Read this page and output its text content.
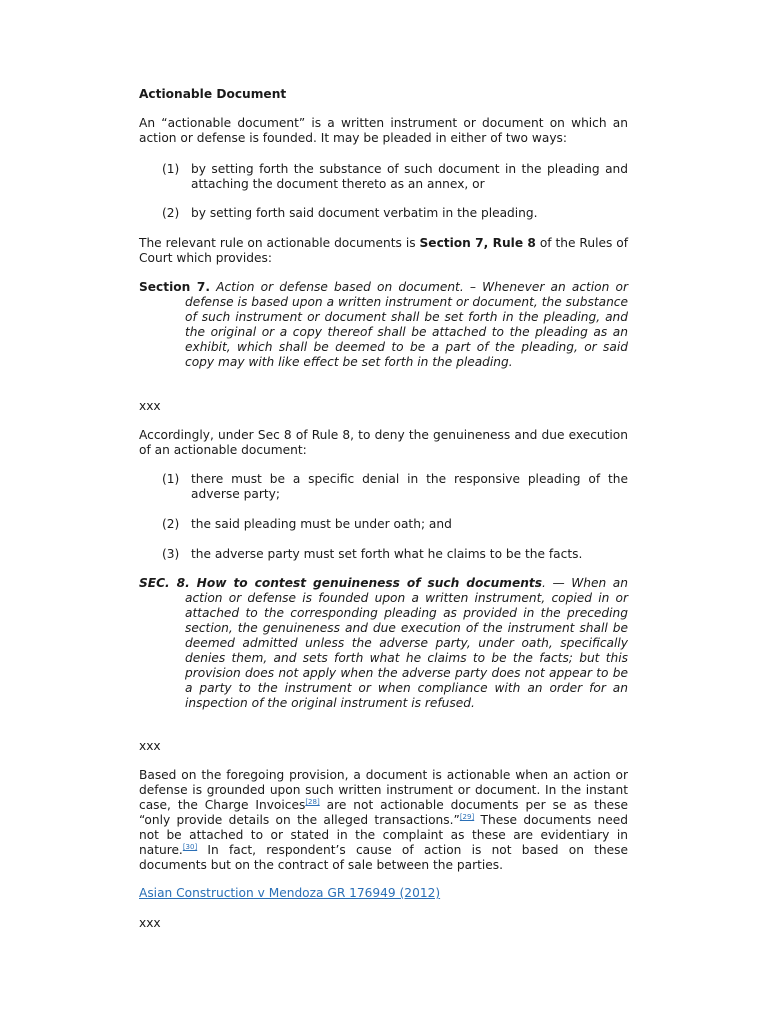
Actionable Document

An “actionable document” is a written instrument or document on which an action or defense is founded. It may be pleaded in either of two ways:

(1) by setting forth the substance of such document in the pleading and attaching the document thereto as an annex, or
(2) by setting forth said document verbatim in the pleading.

The relevant rule on actionable documents is Section 7, Rule 8 of the Rules of Court which provides:

Section 7. Action or defense based on document. – Whenever an action or defense is based upon a written instrument or document, the substance of such instrument or document shall be set forth in the pleading, and the original or a copy thereof shall be attached to the pleading as an exhibit, which shall be deemed to be a part of the pleading, or said copy may with like effect be set forth in the pleading.

xxx

Accordingly, under Sec 8 of Rule 8, to deny the genuineness and due execution of an actionable document:

(1) there must be a specific denial in the responsive pleading of the adverse party;
(2) the said pleading must be under oath; and
(3) the adverse party must set forth what he claims to be the facts.

SEC. 8. How to contest genuineness of such documents. — When an action or defense is founded upon a written instrument, copied in or attached to the corresponding pleading as provided in the preceding section, the genuineness and due execution of the instrument shall be deemed admitted unless the adverse party, under oath, specifically denies them, and sets forth what he claims to be the facts; but this provision does not apply when the adverse party does not appear to be a party to the instrument or when compliance with an order for an inspection of the original instrument is refused.

xxx

Based on the foregoing provision, a document is actionable when an action or defense is grounded upon such written instrument or document. In the instant case, the Charge Invoices[28] are not actionable documents per se as these “only provide details on the alleged transactions.”[29] These documents need not be attached to or stated in the complaint as these are evidentiary in nature.[30] In fact, respondent’s cause of action is not based on these documents but on the contract of sale between the parties.

Asian Construction v Mendoza GR 176949 (2012)

xxx
